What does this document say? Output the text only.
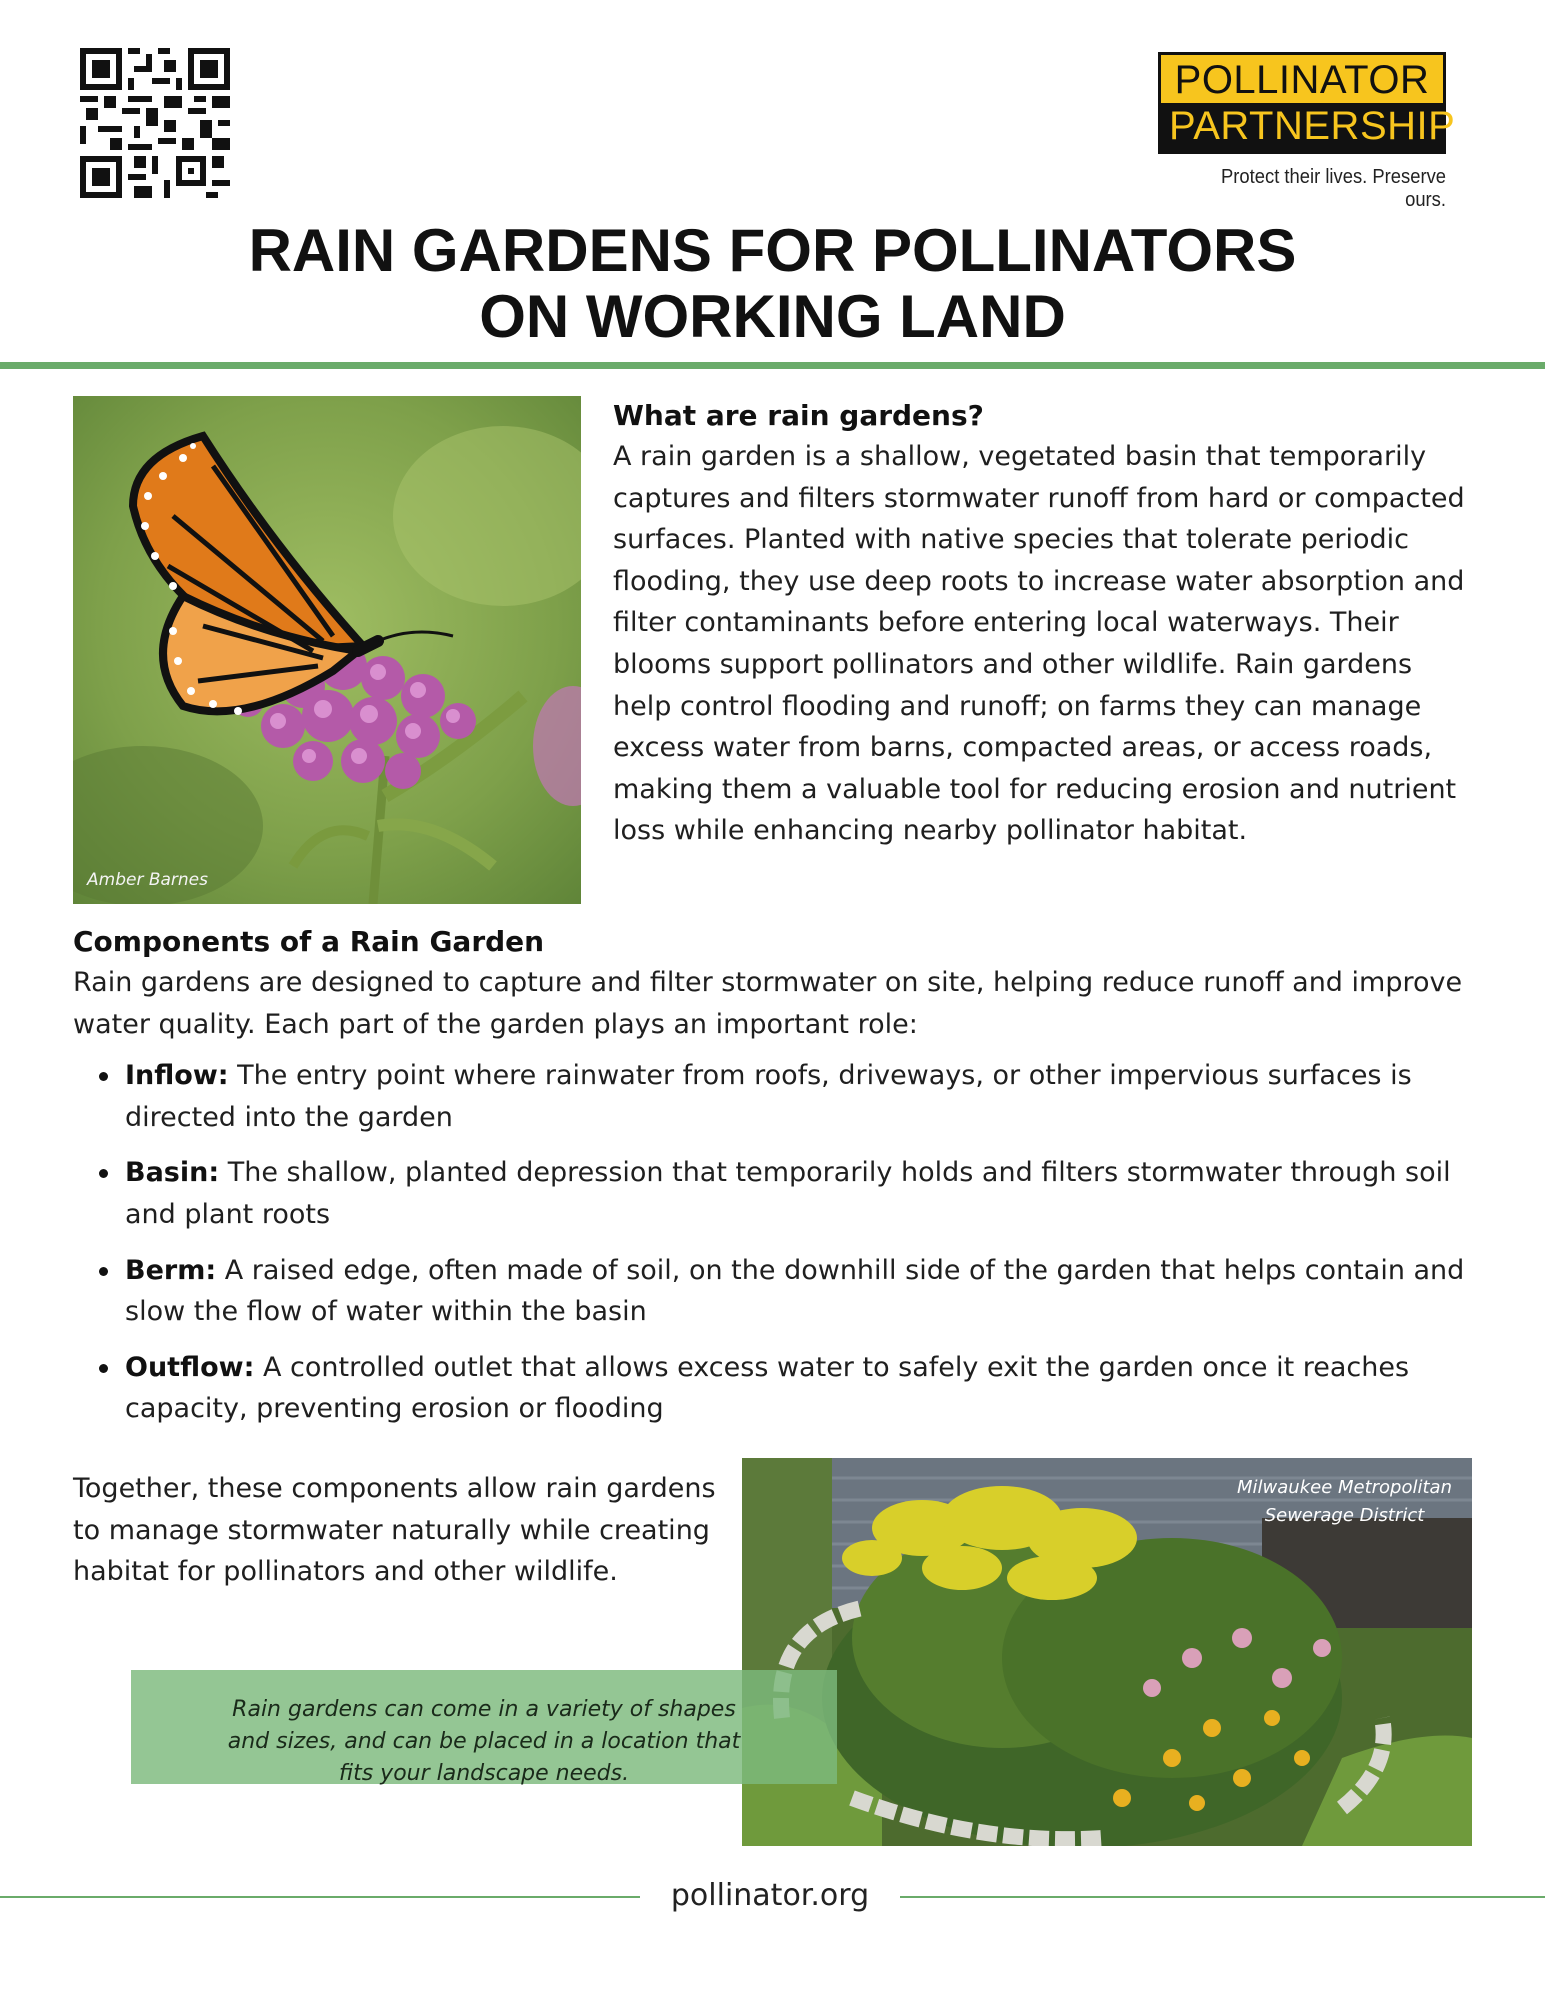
POLLINATOR
PARTNERSHIP
Protect their lives. Preserve ours.
RAIN GARDENS FOR POLLINATORS
ON WORKING LAND
Amber Barnes
What are rain gardens?
A rain garden is a shallow, vegetated basin that temporarily captures and filters stormwater runoff from hard or compacted surfaces. Planted with native species that tolerate periodic flooding, they use deep roots to increase water absorption and filter contaminants before entering local waterways. Their blooms support pollinators and other wildlife. Rain gardens help control flooding and runoff; on farms they can manage excess water from barns, compacted areas, or access roads, making them a valuable tool for reducing erosion and nutrient loss while enhancing nearby pollinator habitat.
Components of a Rain Garden
Rain gardens are designed to capture and filter stormwater on site, helping reduce runoff and improve water quality. Each part of the garden plays an important role:
Inflow: The entry point where rainwater from roofs, driveways, or other impervious surfaces is directed into the garden
Basin: The shallow, planted depression that temporarily holds and filters stormwater through soil and plant roots
Berm: A raised edge, often made of soil, on the downhill side of the garden that helps contain and slow the flow of water within the basin
Outflow: A controlled outlet that allows excess water to safely exit the garden once it reaches capacity, preventing erosion or flooding
Together, these components allow rain gardens to manage stormwater naturally while creating habitat for pollinators and other wildlife.
Milwaukee Metropolitan
Sewerage District
Rain gardens can come in a variety of shapes
and sizes, and can be placed in a location that
fits your landscape needs.
pollinator.org
